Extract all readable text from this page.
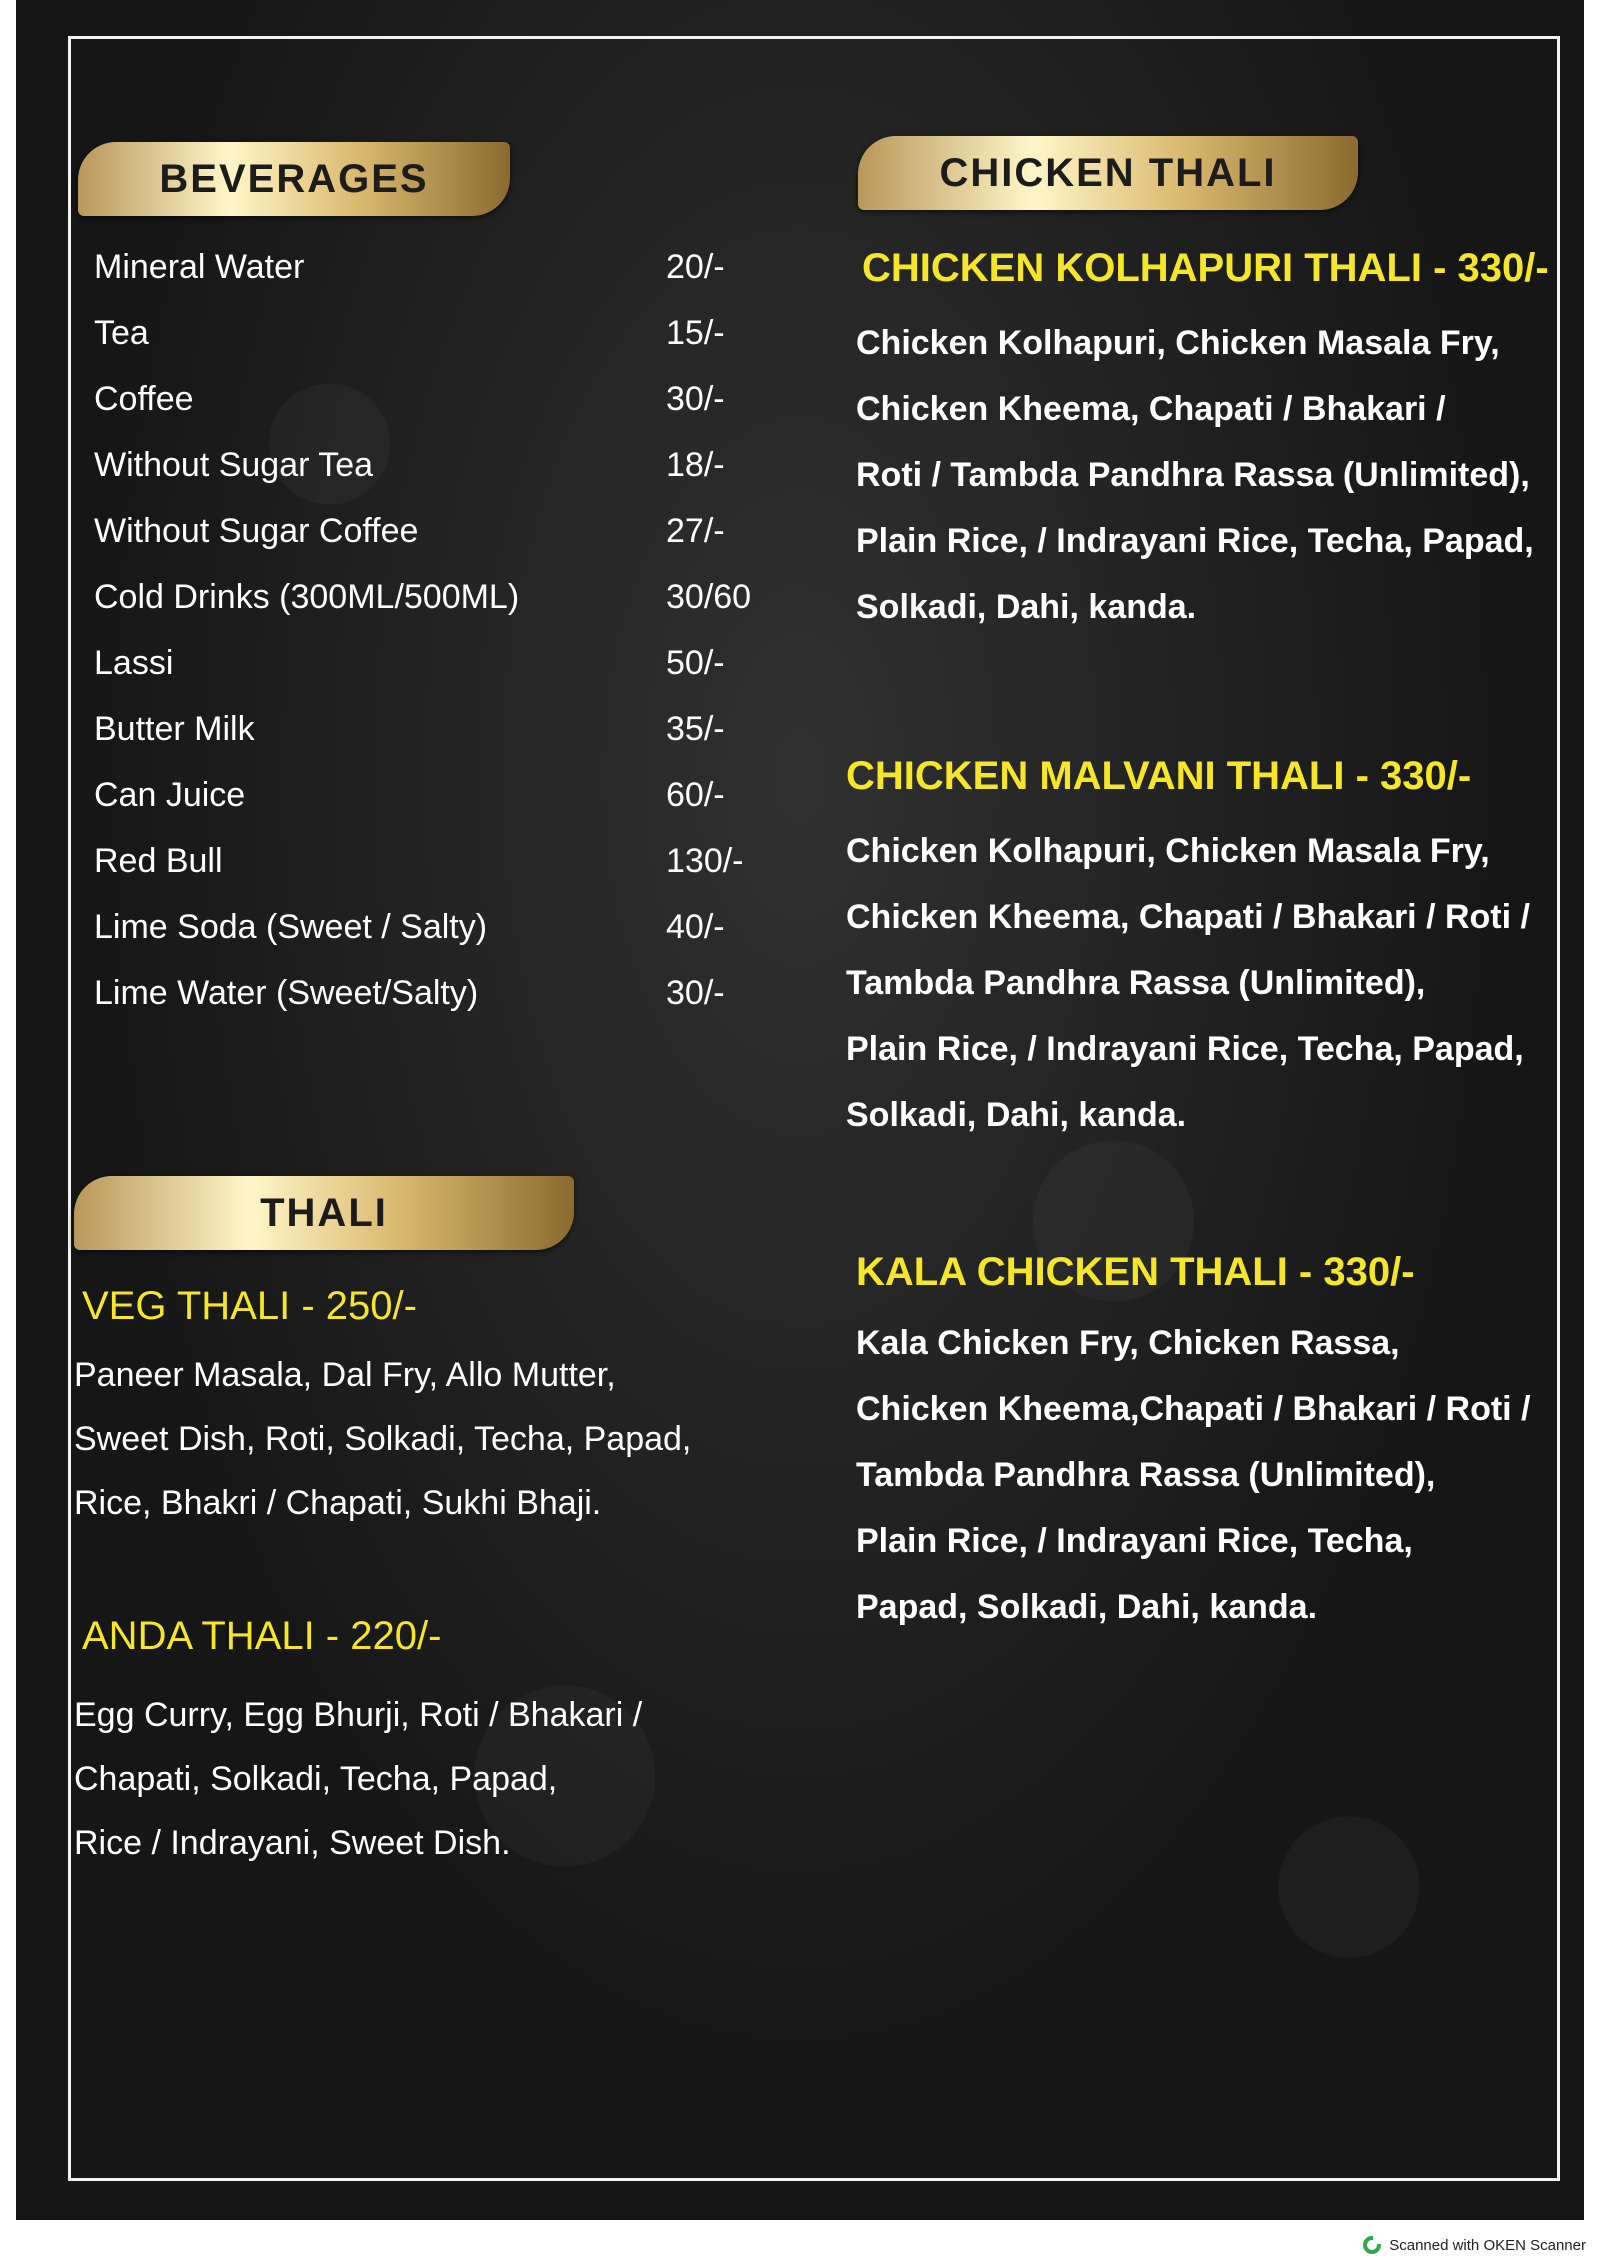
BEVERAGES
Mineral Water	20/-
Tea	15/-
Coffee	30/-
Without Sugar Tea	18/-
Without Sugar Coffee	27/-
Cold Drinks (300ML/500ML)	30/60
Lassi	50/-
Butter Milk	35/-
Can Juice	60/-
Red Bull	130/-
Lime Soda (Sweet / Salty)	40/-
Lime Water (Sweet/Salty)	30/-
THALI
VEG THALI - 250/-
Paneer Masala, Dal Fry, Allo Mutter,
Sweet Dish, Roti, Solkadi, Techa, Papad,
Rice, Bhakri / Chapati, Sukhi Bhaji.
ANDA THALI - 220/-
Egg Curry, Egg Bhurji, Roti / Bhakari /
Chapati, Solkadi, Techa, Papad,
Rice / Indrayani, Sweet Dish.
CHICKEN THALI
CHICKEN KOLHAPURI THALI - 330/-
Chicken Kolhapuri, Chicken Masala Fry,
Chicken Kheema, Chapati / Bhakari /
Roti / Tambda Pandhra Rassa (Unlimited),
Plain Rice, / Indrayani Rice, Techa, Papad,
Solkadi, Dahi, kanda.
CHICKEN MALVANI THALI - 330/-
Chicken Kolhapuri, Chicken Masala Fry,
Chicken Kheema, Chapati / Bhakari / Roti /
Tambda Pandhra Rassa (Unlimited),
Plain Rice, / Indrayani Rice, Techa, Papad,
Solkadi, Dahi, kanda.
KALA CHICKEN THALI - 330/-
Kala Chicken Fry, Chicken Rassa,
Chicken Kheema,Chapati / Bhakari / Roti /
Tambda Pandhra Rassa (Unlimited),
Plain Rice, / Indrayani Rice, Techa,
Papad, Solkadi, Dahi, kanda.
Scanned with OKEN Scanner
